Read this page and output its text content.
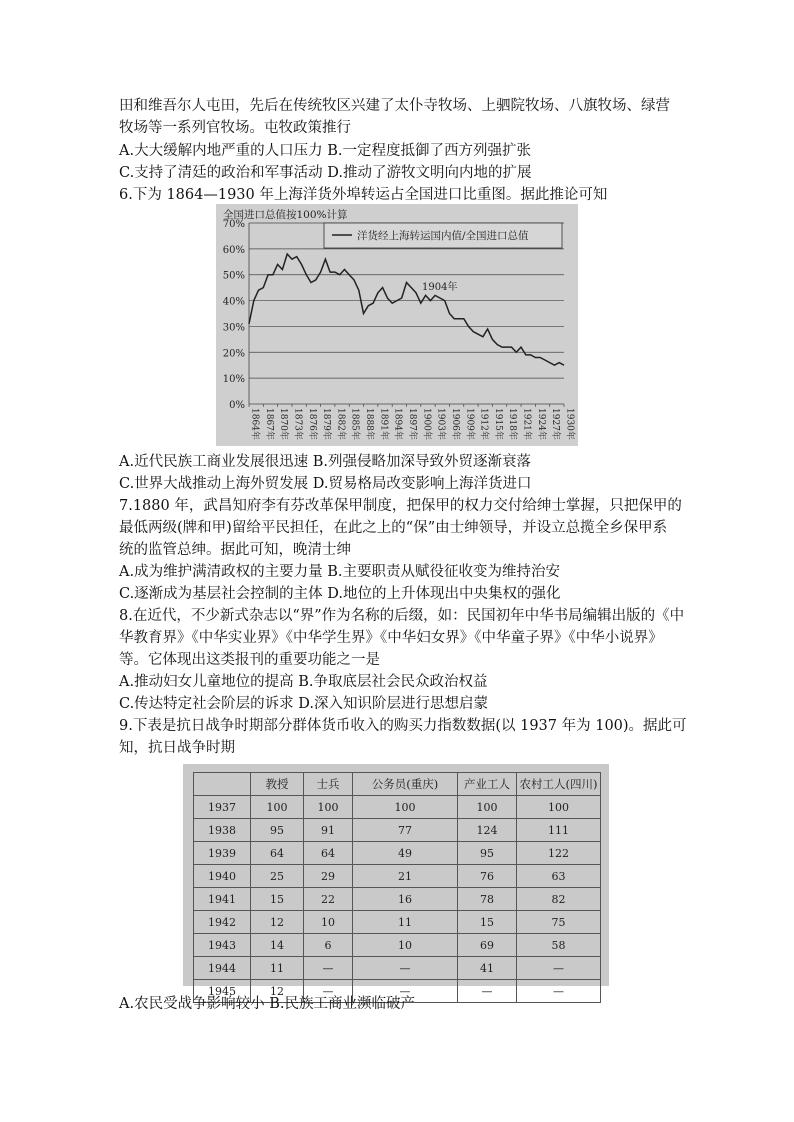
田和维吾尔人屯田，先后在传统牧区兴建了太仆寺牧场、上驷院牧场、八旗牧场、绿营
牧场等一系列官牧场。屯牧政策推行
A.大大缓解内地严重的人口压力 B.一定程度抵御了西方列强扩张
C.支持了清廷的政治和军事活动 D.推动了游牧文明向内地的扩展
6.下为 1864—1930 年上海洋货外埠转运占全国进口比重图。据此推论可知
0%
10%
20%
30%
40%
50%
60%
70%
1864年 1867年 1870年 1873年 1876年 1879年 1882年 1885年 1888年 1891年 1894年 1897年 1900年 1903年 1906年 1909年 1912年 1915年 1918年 1921年 1924年 1927年 1930年
洋货经上海转运国内值/全国进口总值
全国进口总值按100%计算
1904年
A.近代民族工商业发展很迅速 B.列强侵略加深导致外贸逐渐衰落
C.世界大战推动上海外贸发展 D.贸易格局改变影响上海洋货进口
7.1880 年，武昌知府李有芬改革保甲制度，把保甲的权力交付给绅士掌握，只把保甲的
最低两级(牌和甲)留给平民担任，在此之上的“保”由士绅领导，并设立总揽全乡保甲系
统的监管总绅。据此可知，晚清士绅
A.成为维护满清政权的主要力量 B.主要职责从赋役征收变为维持治安
C.逐渐成为基层社会控制的主体 D.地位的上升体现出中央集权的强化
8.在近代，不少新式杂志以“界”作为名称的后缀，如：民国初年中华书局编辑出版的《中
华教育界》《中华实业界》《中华学生界》《中华妇女界》《中华童子界》《中华小说界》
等。它体现出这类报刊的重要功能之一是
A.推动妇女儿童地位的提高 B.争取底层社会民众政治权益
C.传达特定社会阶层的诉求 D.深入知识阶层进行思想启蒙
9.下表是抗日战争时期部分群体货币收入的购买力指数数据(以 1937 年为 100)。据此可
知，抗日战争时期
	教授	士兵	公务员(重庆)	产业工人	农村工人(四川)
1937	100	100	100	100	100
1938	95	91	77	124	111
1939	64	64	49	95	122
1940	25	29	21	76	63
1941	15	22	16	78	82
1942	12	10	11	15	75
1943	14	6	10	69	58
1944	11	—	—	41	—
1945	12	—	—	—	—
A.农民受战争影响较小 B.民族工商业濒临破产
